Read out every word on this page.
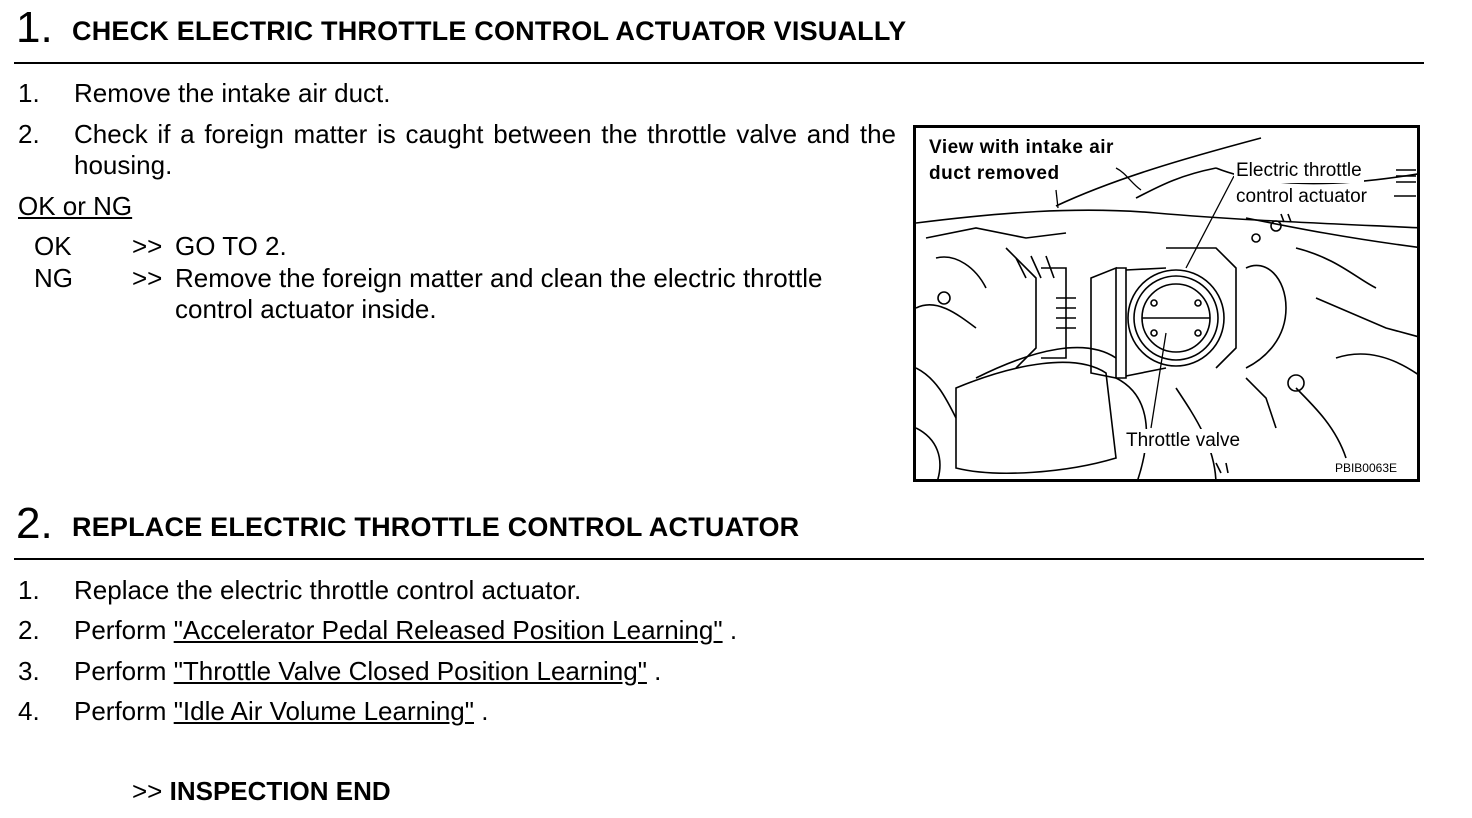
1. CHECK ELECTRIC THROTTLE CONTROL ACTUATOR VISUALLY
1. Remove the intake air duct.
2. Check if a foreign matter is caught between the throttle valve and the housing.
OK or NG
OK >> GO TO 2.
NG >> Remove the foreign matter and clean the electric throttle control actuator inside.
View with intake air
duct removed	Electric throttle
control actuator
Throttle valve
PBIB0063E
2. REPLACE ELECTRIC THROTTLE CONTROL ACTUATOR
1. Replace the electric throttle control actuator.
2. Perform "Accelerator Pedal Released Position Learning" .
3. Perform "Throttle Valve Closed Position Learning" .
4. Perform "Idle Air Volume Learning" .
>> INSPECTION END
